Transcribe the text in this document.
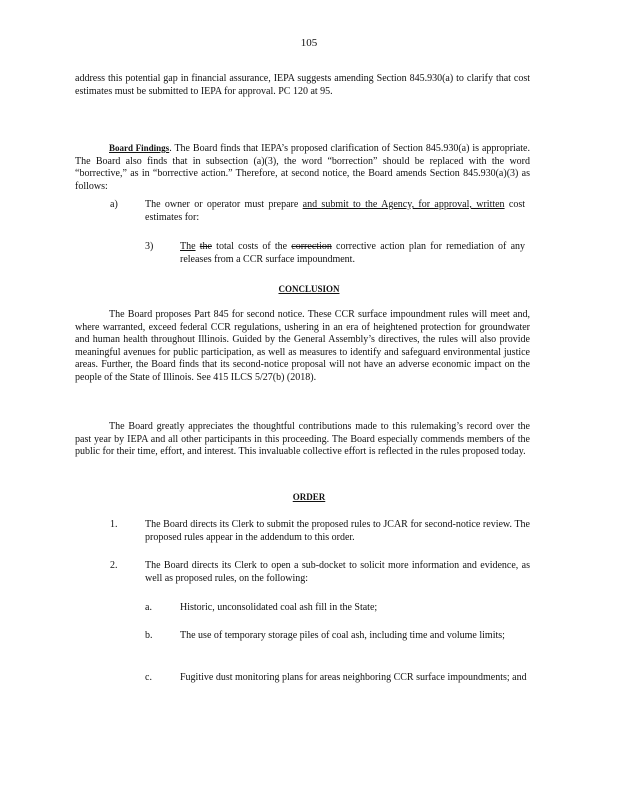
105

address this potential gap in financial assurance, IEPA suggests amending Section 845.930(a) to clarify that cost estimates must be submitted to IEPA for approval. PC 120 at 95.

Board Findings. The Board finds that IEPA’s proposed clarification of Section 845.930(a) is appropriate. The Board also finds that in subsection (a)(3), the word “borrection” should be replaced with the word “borrective,” as in “borrective action.” Therefore, at second notice, the Board amends Section 845.930(a)(3) as follows:

a)	The owner or operator must prepare and submit to the Agency, for approval, written cost estimates for:
3)	The the total costs of the correction corrective action plan for remediation of any releases from a CCR surface impoundment.
CONCLUSION

The Board proposes Part 845 for second notice. These CCR surface impoundment rules will meet and, where warranted, exceed federal CCR regulations, ushering in an era of heightened protection for groundwater and human health throughout Illinois. Guided by the General Assembly’s directives, the rules will also provide meaningful avenues for public participation, as well as measures to identify and safeguard environmental justice areas. Further, the Board finds that its second-notice proposal will not have an adverse economic impact on the people of the State of Illinois. See 415 ILCS 5/27(b) (2018).

The Board greatly appreciates the thoughtful contributions made to this rulemaking’s record over the past year by IEPA and all other participants in this proceeding. The Board especially commends members of the public for their time, effort, and interest. This invaluable collective effort is reflected in the rules proposed today.

ORDER
1.	The Board directs its Clerk to submit the proposed rules to JCAR for second-notice review. The proposed rules appear in the addendum to this order.
2.	The Board directs its Clerk to open a sub-docket to solicit more information and evidence, as well as proposed rules, on the following:
a.	Historic, unconsolidated coal ash fill in the State;
b.	The use of temporary storage piles of coal ash, including time and volume limits;
c.	Fugitive dust monitoring plans for areas neighboring CCR surface impoundments; and
